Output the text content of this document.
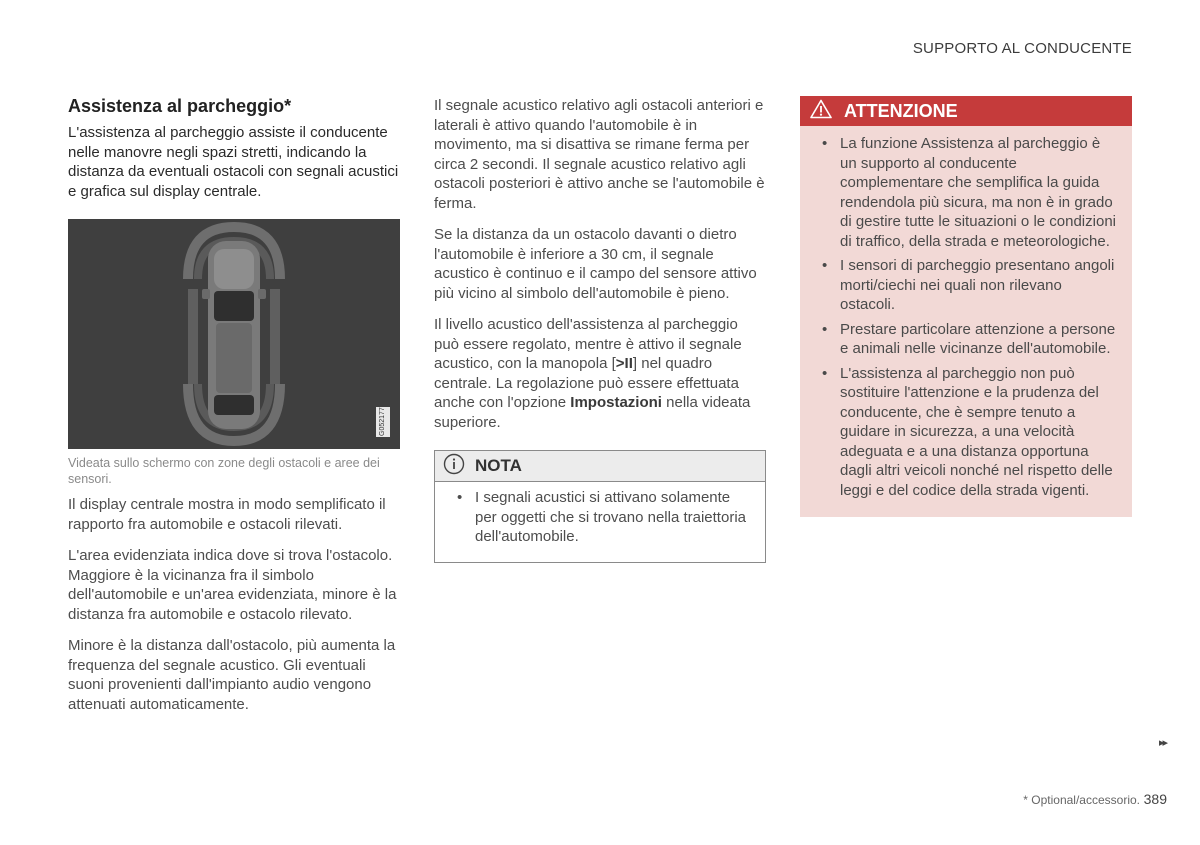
SUPPORTO AL CONDUCENTE
Assistenza al parcheggio*
L'assistenza al parcheggio assiste il conducente nelle manovre negli spazi stretti, indicando la distanza da eventuali ostacoli con segnali acustici e grafica sul display centrale.
G052177
Videata sullo schermo con zone degli ostacoli e aree dei sensori.

Il display centrale mostra in modo semplificato il rapporto fra automobile e ostacoli rilevati.

L'area evidenziata indica dove si trova l'ostacolo. Maggiore è la vicinanza fra il simbolo dell'automobile e un'area evidenziata, minore è la distanza fra automobile e ostacolo rilevato.

Minore è la distanza dall'ostacolo, più aumenta la frequenza del segnale acustico. Gli eventuali suoni provenienti dall'impianto audio vengono attenuati automaticamente.

Il segnale acustico relativo agli ostacoli anteriori e laterali è attivo quando l'automobile è in movimento, ma si disattiva se rimane ferma per circa 2 secondi. Il segnale acustico relativo agli ostacoli posteriori è attivo anche se l'automobile è ferma.

Se la distanza da un ostacolo davanti o dietro l'automobile è inferiore a 30 cm, il segnale acustico è continuo e il campo del sensore attivo più vicino al simbolo dell'automobile è pieno.

Il livello acustico dell'assistenza al parcheggio può essere regolato, mentre è attivo il segnale acustico, con la manopola [>II] nel quadro centrale. La regolazione può essere effettuata anche con l'opzione Impostazioni nella videata superiore.

NOTA
• I segnali acustici si attivano solamente per oggetti che si trovano nella traiettoria dell'automobile.
ATTENZIONE
• La funzione Assistenza al parcheggio è un supporto al conducente complementare che semplifica la guida rendendola più sicura, ma non è in grado di gestire tutte le situazioni o le condizioni di traffico, della strada e meteorologiche.
• I sensori di parcheggio presentano angoli morti/ciechi nei quali non rilevano ostacoli.
• Prestare particolare attenzione a persone e animali nelle vicinanze dell'automobile.
• L'assistenza al parcheggio non può sostituire l'attenzione e la prudenza del conducente, che è sempre tenuto a guidare in sicurezza, a una velocità adeguata e a una distanza opportuna dagli altri veicoli nonché nel rispetto delle leggi e del codice della strada vigenti.
▸▸
* Optional/accessorio. 389
